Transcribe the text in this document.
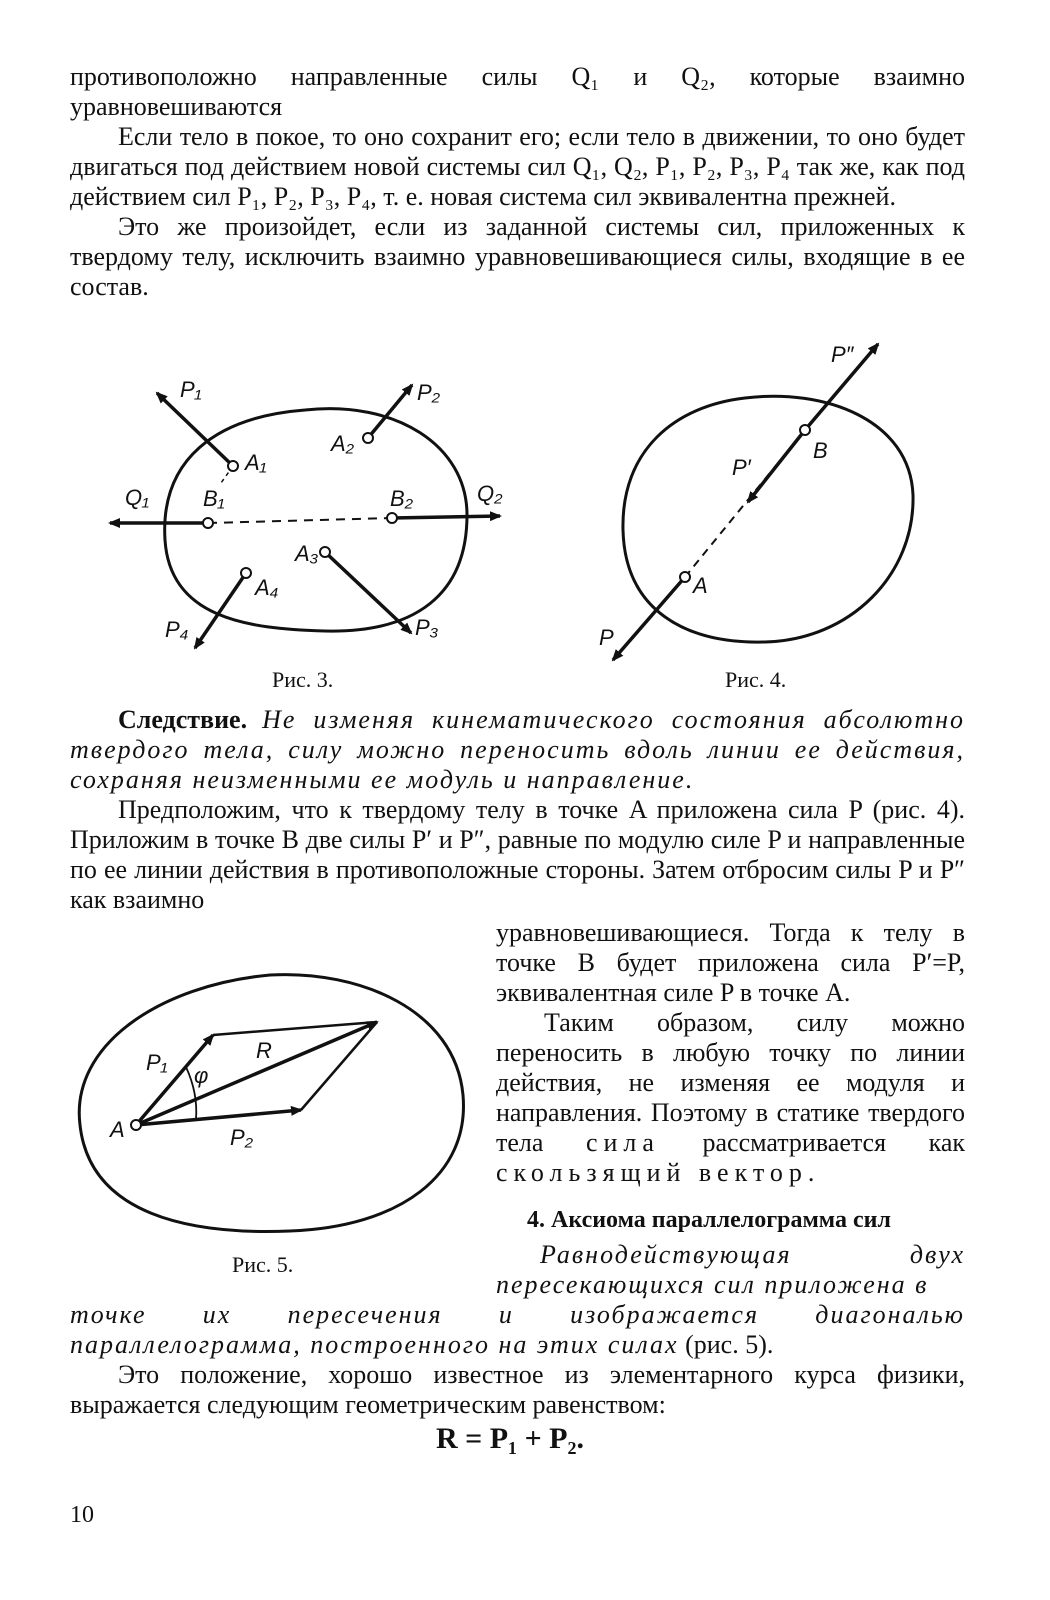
противоположно направленные силы Q₁ и Q₂, которые взаимно уравновешиваются

Если тело в покое, то оно сохранит его; если тело в движении, то оно будет двигаться под действием новой системы сил Q₁, Q₂, P₁, P₂, P₃, P₄ так же, как под действием сил P₁, P₂, P₃, P₄, т. е. новая система сил эквивалентна прежней.

Это же произойдет, если из заданной системы сил, приложенных к твердому телу, исключить взаимно уравновешивающиеся силы, входящие в ее состав.

P₁	P₂
A₁
A₂
Q₁ B₁	B₂	Q₂
A₃
A₄
P₄	P₃
Рис. 3.
P″
P′
B
A
P
Рис. 4.

Следствие. Не изменяя кинематического состояния абсолютно твердого тела, силу можно переносить вдоль линии ее действия, сохраняя неизменными ее модуль и направление.

Предположим, что к твердому телу в точке A приложена сила P (рис. 4). Приложим в точке B две силы P′ и P″, равные по модулю силе P и направленные по ее линии действия в противоположные стороны. Затем отбросим силы P и P″ как взаимно

уравновешивающиеся. Тогда к телу в точке B будет приложена сила P′=P, эквивалентная силе P в точке A.

Таким образом, силу можно переносить в любую точку по линии действия, не изменяя ее модуля и направления. Поэтому в статике твердого тела сила рассматривается как скользящий вектор.

P₁
φ
R
A	P₂
Рис. 5.
4. Аксиома параллелограмма сил

Равнодействующая двух пересекающихся сил приложена в

точке их пересечения и изображается диагональю параллелограмма, построенного на этих силах (рис. 5).

Это положение, хорошо известное из элементарного курса физики, выражается следующим геометрическим равенством:

R = P₁ + P₂.
10
